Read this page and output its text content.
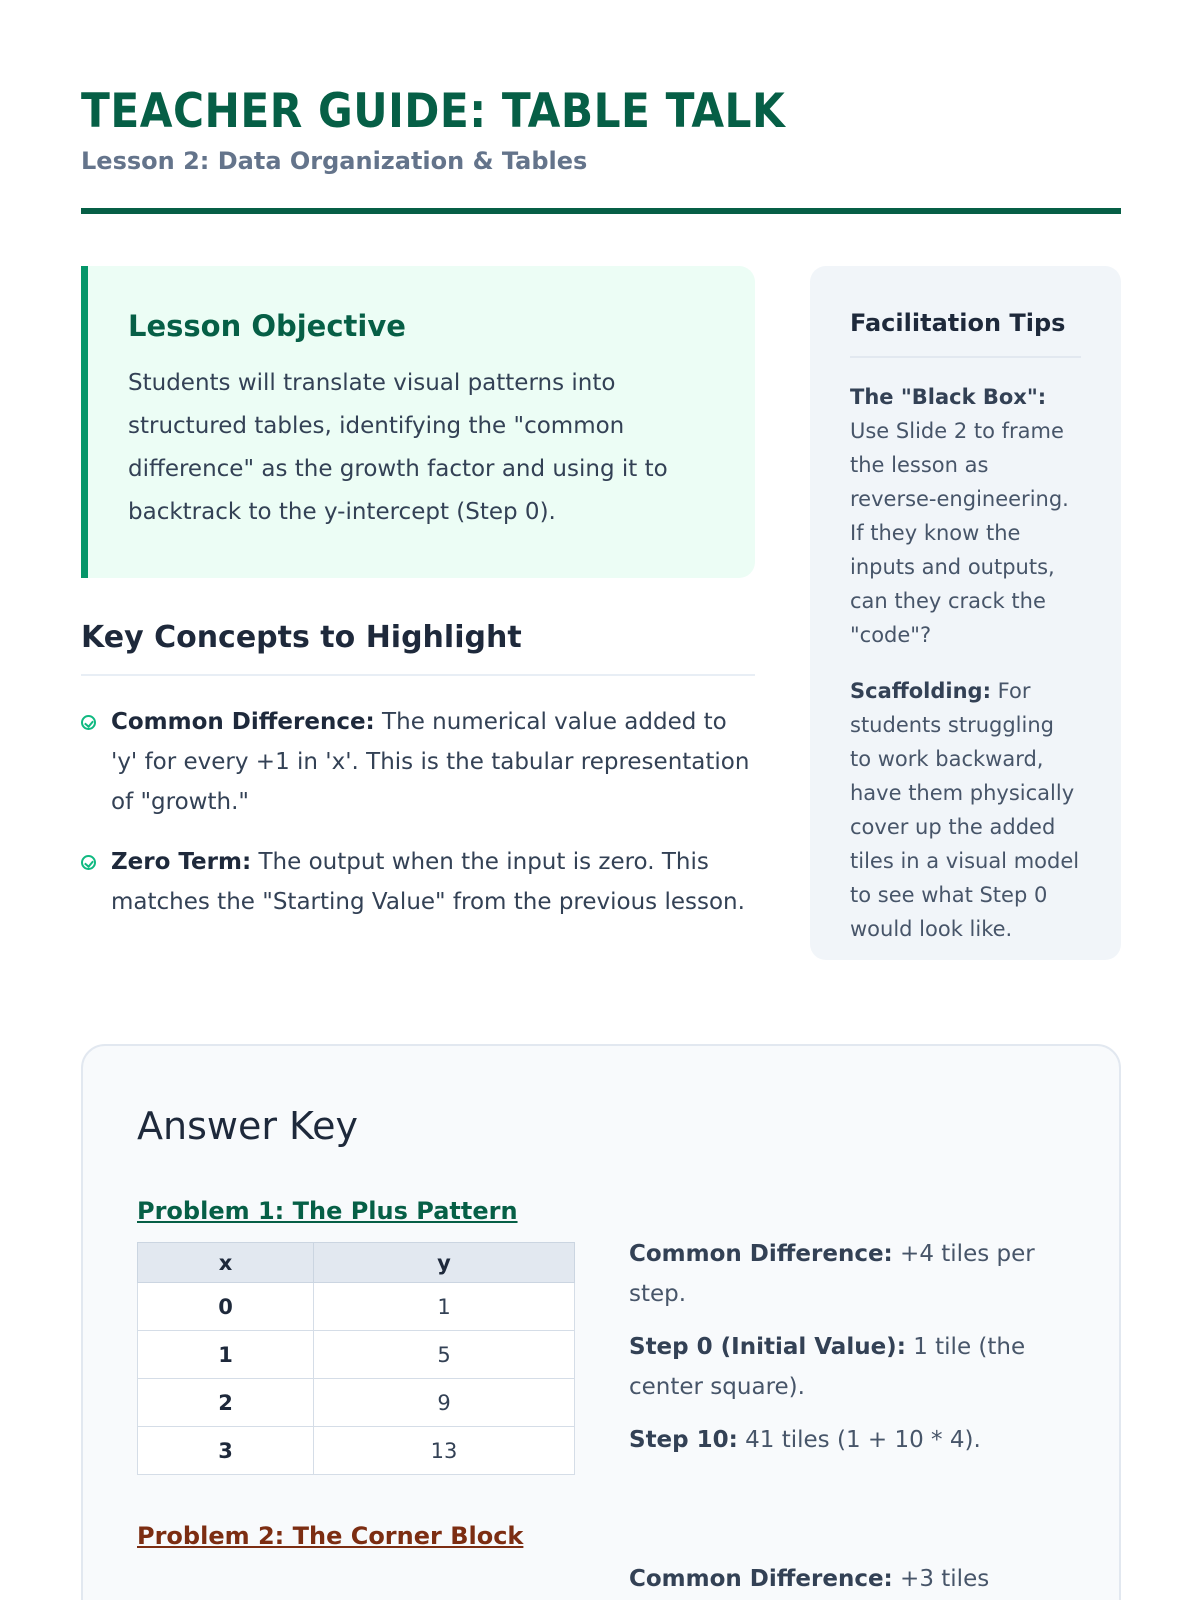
TEACHER GUIDE: TABLE TALK
Lesson 2: Data Organization & Tables
Lesson Objective

Students will translate visual patterns into structured tables, identifying the "common difference" as the growth factor and using it to backtrack to the y-intercept (Step 0).

Key Concepts to Highlight
Common Difference: The numerical value added to 'y' for every +1 in 'x'. This is the tabular representation of "growth."
Zero Term: The output when the input is zero. This matches the "Starting Value" from the previous lesson.
Facilitation Tips

The "Black Box": Use Slide 2 to frame the lesson as reverse-engineering. If they know the inputs and outputs, can they crack the "code"?

Scaffolding: For students struggling to work backward, have them physically cover up the added tiles in a visual model to see what Step 0 would look like.

Answer Key
Problem 1: The Plus Pattern
x	y
0	1
1	5
2	9
3	13

Common Difference: +4 tiles per step.

Step 0 (Initial Value): 1 tile (the center square).

Step 10: 41 tiles (1 + 10 * 4).

Problem 2: The Corner Block

Common Difference: +3 tiles
